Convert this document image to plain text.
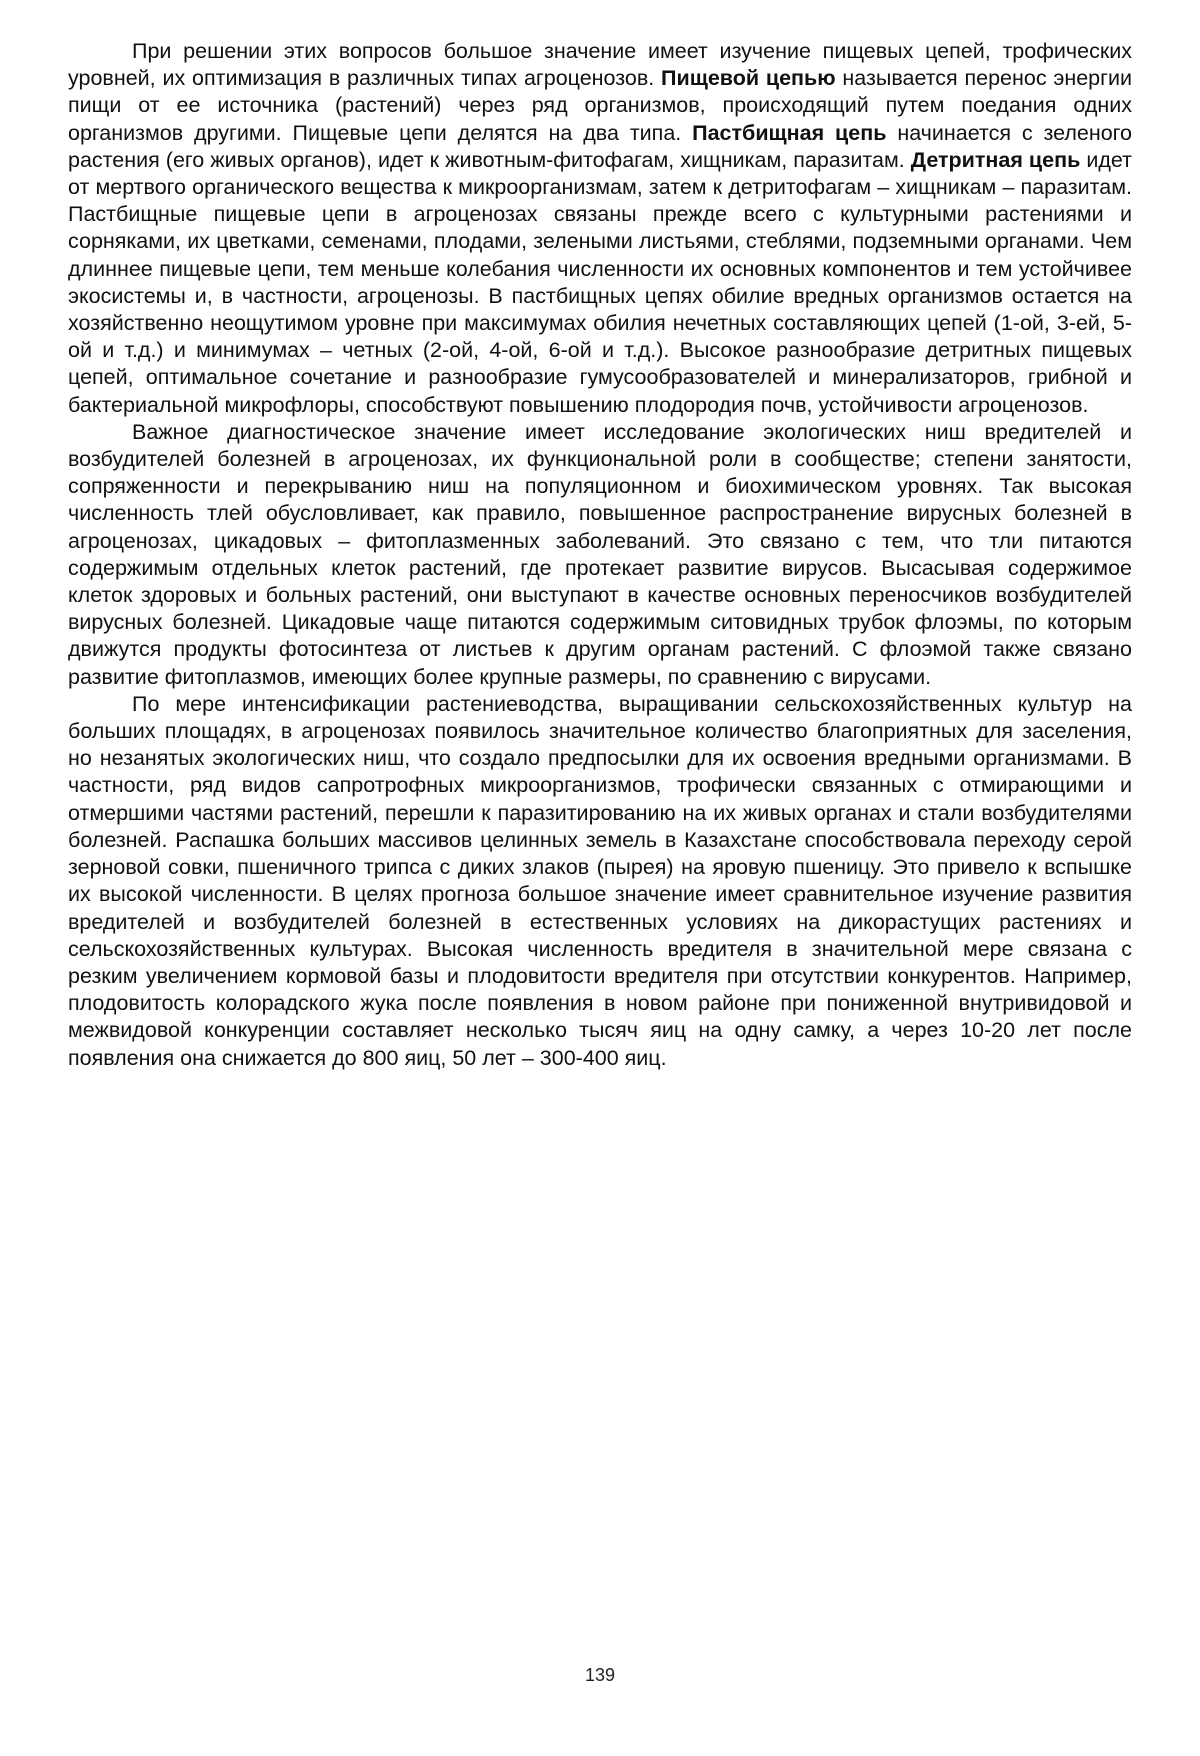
При решении этих вопросов большое значение имеет изучение пищевых цепей, трофических уровней, их оптимизация в различных типах агроценозов. Пищевой цепью называется перенос энергии пищи от ее источника (растений) через ряд организмов, происходящий путем поедания одних организмов другими. Пищевые цепи делятся на два типа. Пастбищная цепь начинается с зеленого растения (его живых органов), идет к животным-фитофагам, хищникам, паразитам. Детритная цепь идет от мертвого органического вещества к микроорганизмам, затем к детритофагам – хищникам – паразитам. Пастбищные пищевые цепи в агроценозах связаны прежде всего с культурными растениями и сорняками, их цветками, семенами, плодами, зелеными листьями, стеблями, подземными органами. Чем длиннее пищевые цепи, тем меньше колебания численности их основных компонентов и тем устойчивее экосистемы и, в частности, агроценозы. В пастбищных цепях обилие вредных организмов остается на хозяйственно неощутимом уровне при максимумах обилия нечетных составляющих цепей (1-ой, 3-ей, 5-ой и т.д.) и минимумах – четных (2-ой, 4-ой, 6-ой и т.д.). Высокое разнообразие детритных пищевых цепей, оптимальное сочетание и разнообразие гумусообразователей и минерализаторов, грибной и бактериальной микрофлоры, способствуют повышению плодородия почв, устойчивости агроценозов.

Важное диагностическое значение имеет исследование экологических ниш вредителей и возбудителей болезней в агроценозах, их функциональной роли в сообществе; степени занятости, сопряженности и перекрыванию ниш на популяционном и биохимическом уровнях. Так высокая численность тлей обусловливает, как правило, повышенное распространение вирусных болезней в агроценозах, цикадовых – фитоплазменных заболеваний. Это связано с тем, что тли питаются содержимым отдельных клеток растений, где протекает развитие вирусов. Высасывая содержимое клеток здоровых и больных растений, они выступают в качестве основных переносчиков возбудителей вирусных болезней. Цикадовые чаще питаются содержимым ситовидных трубок флоэмы, по которым движутся продукты фотосинтеза от листьев к другим органам растений. С флоэмой также связано развитие фитоплазмов, имеющих более крупные размеры, по сравнению с вирусами.

По мере интенсификации растениеводства, выращивании сельскохозяйственных культур на больших площадях, в агроценозах появилось значительное количество благоприятных для заселения, но незанятых экологических ниш, что создало предпосылки для их освоения вредными организмами. В частности, ряд видов сапротрофных микроорганизмов, трофически связанных с отмирающими и отмершими частями растений, перешли к паразитированию на их живых органах и стали возбудителями болезней. Распашка больших массивов целинных земель в Казахстане способствовала переходу серой зерновой совки, пшеничного трипса с диких злаков (пырея) на яровую пшеницу. Это привело к вспышке их высокой численности. В целях прогноза большое значение имеет сравнительное изучение развития вредителей и возбудителей болезней в естественных условиях на дикорастущих растениях и сельскохозяйственных культурах. Высокая численность вредителя в значительной мере связана с резким увеличением кормовой базы и плодовитости вредителя при отсутствии конкурентов. Например, плодовитость колорадского жука после появления в новом районе при пониженной внутривидовой и межвидовой конкуренции составляет несколько тысяч яиц на одну самку, а через 10-20 лет после появления она снижается до 800 яиц, 50 лет – 300-400 яиц.

139
